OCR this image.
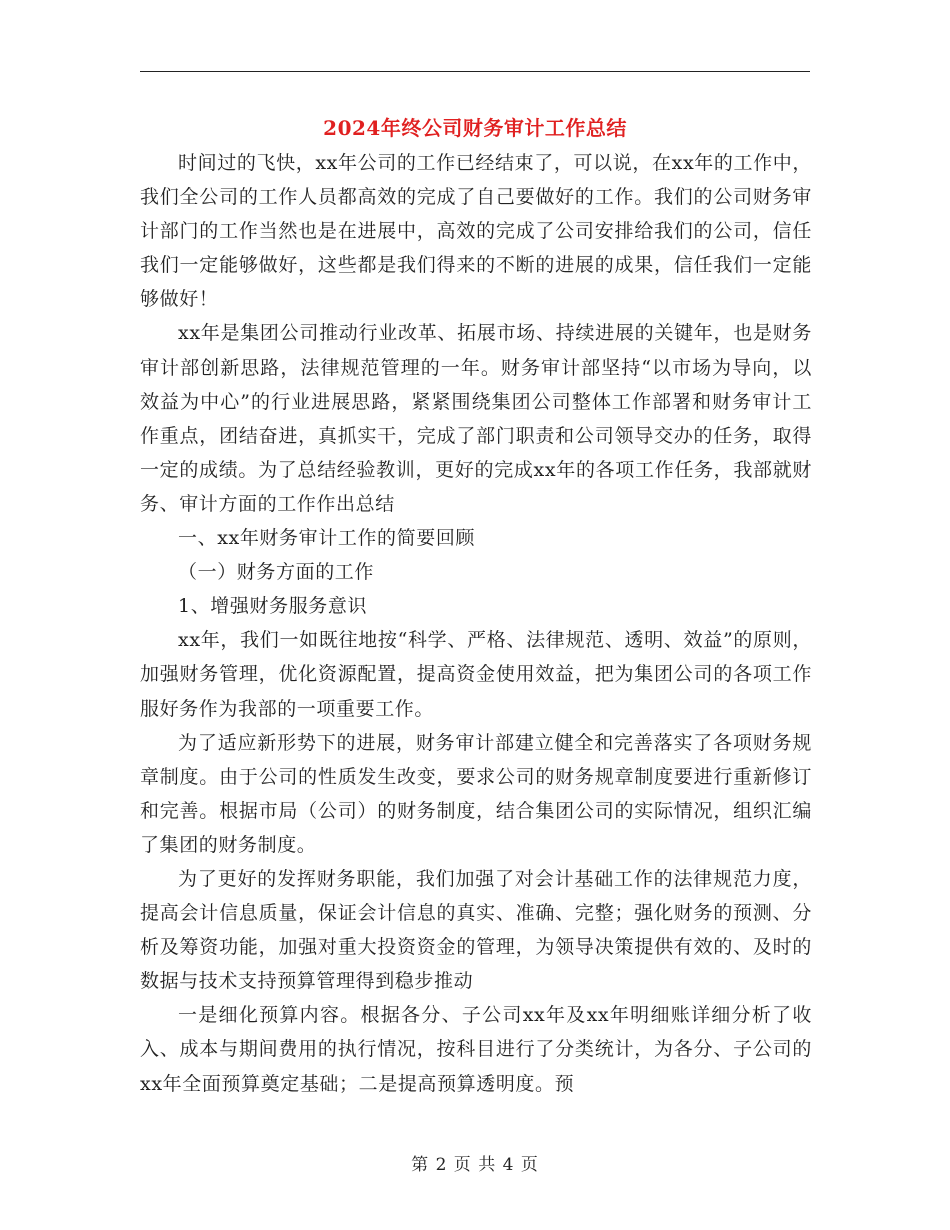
2024年终公司财务审计工作总结

时间过的飞快，xx年公司的工作已经结束了，可以说，在xx年的工作中，我们全公司的工作人员都高效的完成了自己要做好的工作。我们的公司财务审计部门的工作当然也是在进展中，高效的完成了公司安排给我们的公司，信任我们一定能够做好，这些都是我们得来的不断的进展的成果，信任我们一定能够做好！

xx年是集团公司推动行业改革、拓展市场、持续进展的关键年，也是财务审计部创新思路，法律规范管理的一年。财务审计部坚持“以市场为导向，以效益为中心”的行业进展思路，紧紧围绕集团公司整体工作部署和财务审计工作重点，团结奋进，真抓实干，完成了部门职责和公司领导交办的任务，取得一定的成绩。为了总结经验教训，更好的完成xx年的各项工作任务，我部就财务、审计方面的工作作出总结

一、xx年财务审计工作的简要回顾

（一）财务方面的工作

1、增强财务服务意识

xx年，我们一如既往地按“科学、严格、法律规范、透明、效益”的原则，加强财务管理，优化资源配置，提高资金使用效益，把为集团公司的各项工作服好务作为我部的一项重要工作。

为了适应新形势下的进展，财务审计部建立健全和完善落实了各项财务规章制度。由于公司的性质发生改变，要求公司的财务规章制度要进行重新修订和完善。根据市局（公司）的财务制度，结合集团公司的实际情况，组织汇编了集团的财务制度。

为了更好的发挥财务职能，我们加强了对会计基础工作的法律规范力度，提高会计信息质量，保证会计信息的真实、准确、完整；强化财务的预测、分析及筹资功能，加强对重大投资资金的管理，为领导决策提供有效的、及时的数据与技术支持预算管理得到稳步推动

一是细化预算内容。根据各分、子公司xx年及xx年明细账详细分析了收入、成本与期间费用的执行情况，按科目进行了分类统计，为各分、子公司的xx年全面预算奠定基础；二是提高预算透明度。预

第 2 页 共 4 页
